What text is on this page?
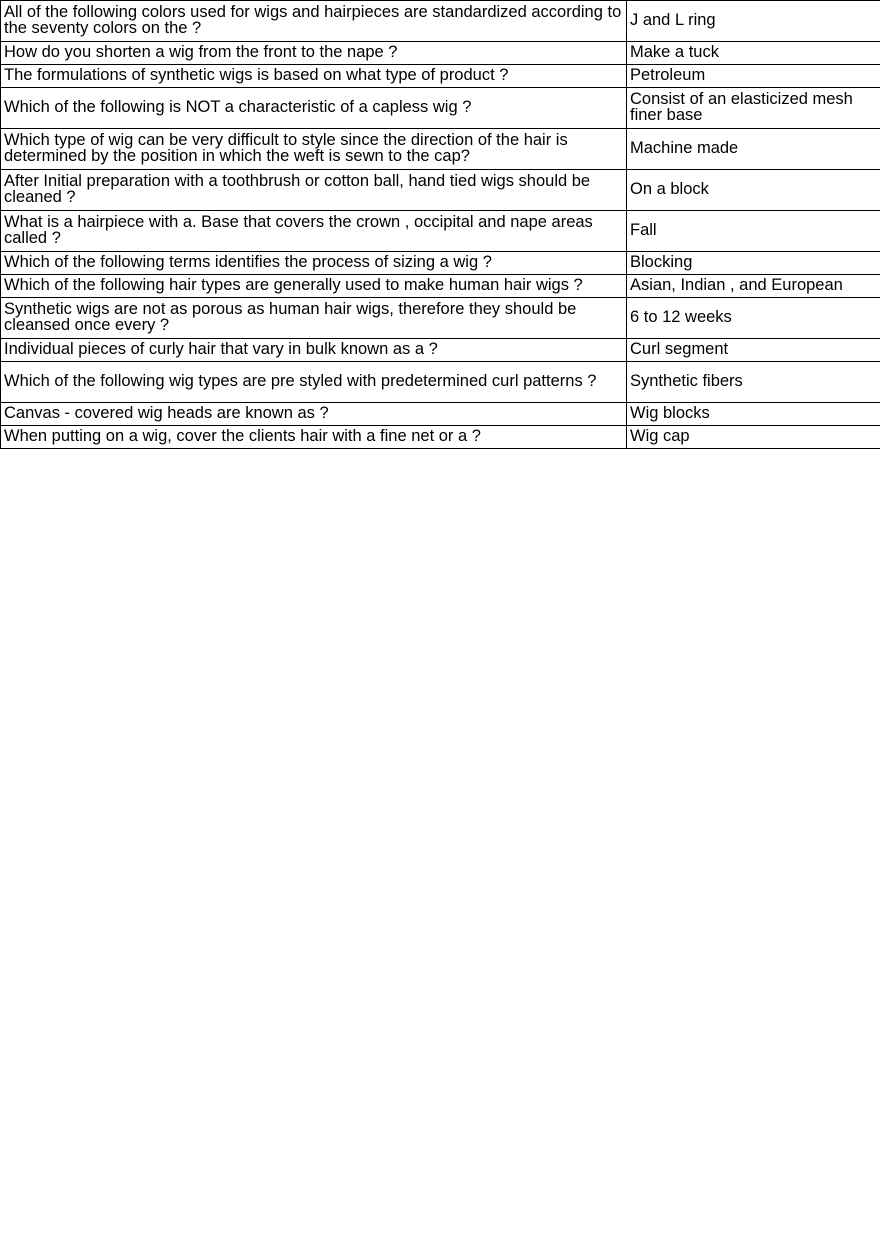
All of the following colors used for wigs and hairpieces are standardized according to the seventy colors on the ?	J and L ring
How do you shorten a wig from the front to the nape ?	Make a tuck
The formulations of synthetic wigs is based on what type of product ?	Petroleum
Which of the following is NOT a characteristic of a capless wig ?	Consist of an elasticized mesh finer base
Which type of wig can be very difficult to style since the direction of the hair is determined by the position in which the weft is sewn to the cap?	Machine made
After Initial preparation with a toothbrush or cotton ball, hand tied wigs should be cleaned ?	On a block
What is a hairpiece with a. Base that covers the crown , occipital and nape areas called ?	Fall
Which of the following terms identifies the process of sizing a wig ?	Blocking
Which of the following hair types are generally used to make human hair wigs ?	Asian, Indian , and European
Synthetic wigs are not as porous as human hair wigs, therefore they should be cleansed once every ?	6 to 12 weeks
Individual pieces of curly hair that vary in bulk known as a ?	Curl segment
Which of the following wig types are pre styled with predetermined curl patterns ?	Synthetic fibers
Canvas - covered wig heads are known as ?	Wig blocks
When putting on a wig, cover the clients hair with a fine net or a ?	Wig cap
